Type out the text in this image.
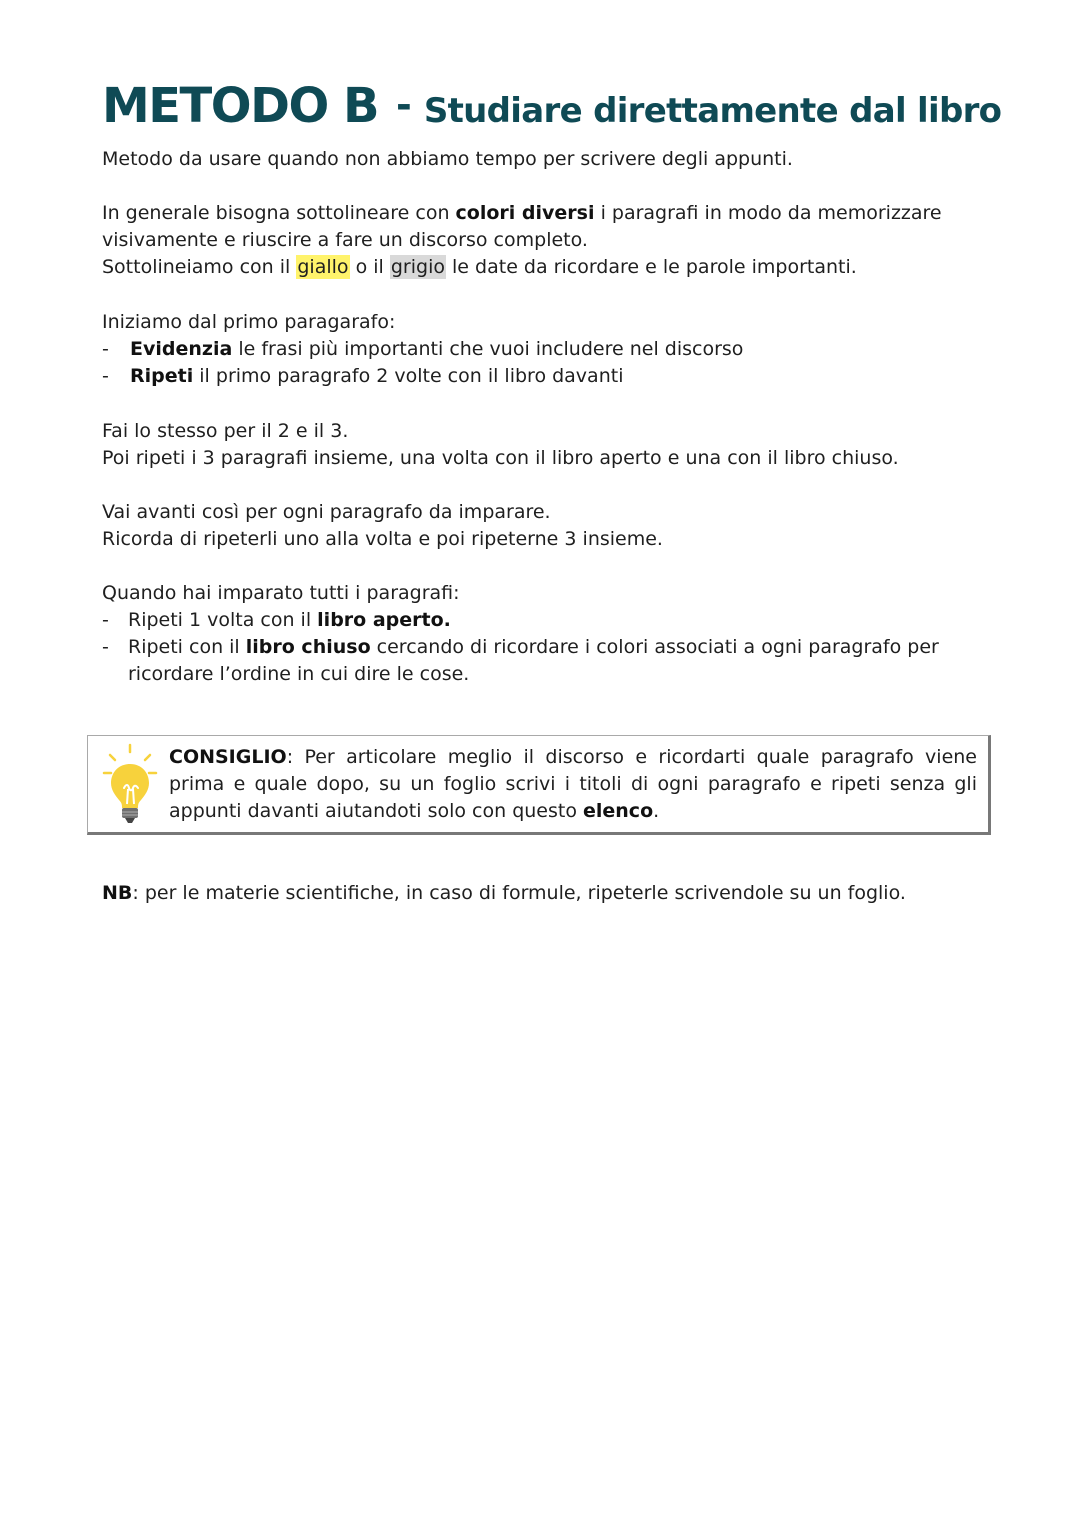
METODO B - Studiare direttamente dal libro
Metodo da usare quando non abbiamo tempo per scrivere degli appunti.
In generale bisogna sottolineare con colori diversi i paragrafi in modo da memorizzare
visivamente e riuscire a fare un discorso completo.
Sottolineiamo con il giallo o il grigio le date da ricordare e le parole importanti.
Iniziamo dal primo paragarafo:
- Evidenzia le frasi più importanti che vuoi includere nel discorso
- Ripeti il primo paragrafo 2 volte con il libro davanti
Fai lo stesso per il 2 e il 3.
Poi ripeti i 3 paragrafi insieme, una volta con il libro aperto e una con il libro chiuso.
Vai avanti così per ogni paragrafo da imparare.
Ricorda di ripeterli uno alla volta e poi ripeterne 3 insieme.
Quando hai imparato tutti i paragrafi:
- Ripeti 1 volta con il libro aperto.
- Ripeti con il libro chiuso cercando di ricordare i colori associati a ogni paragrafo per ricordare l’ordine in cui dire le cose.
CONSIGLIO: Per articolare meglio il discorso e ricordarti quale paragrafo viene prima e quale dopo, su un foglio scrivi i titoli di ogni paragrafo e ripeti senza gli appunti davanti aiutandoti solo con questo elenco.
NB: per le materie scientifiche, in caso di formule, ripeterle scrivendole su un foglio.
